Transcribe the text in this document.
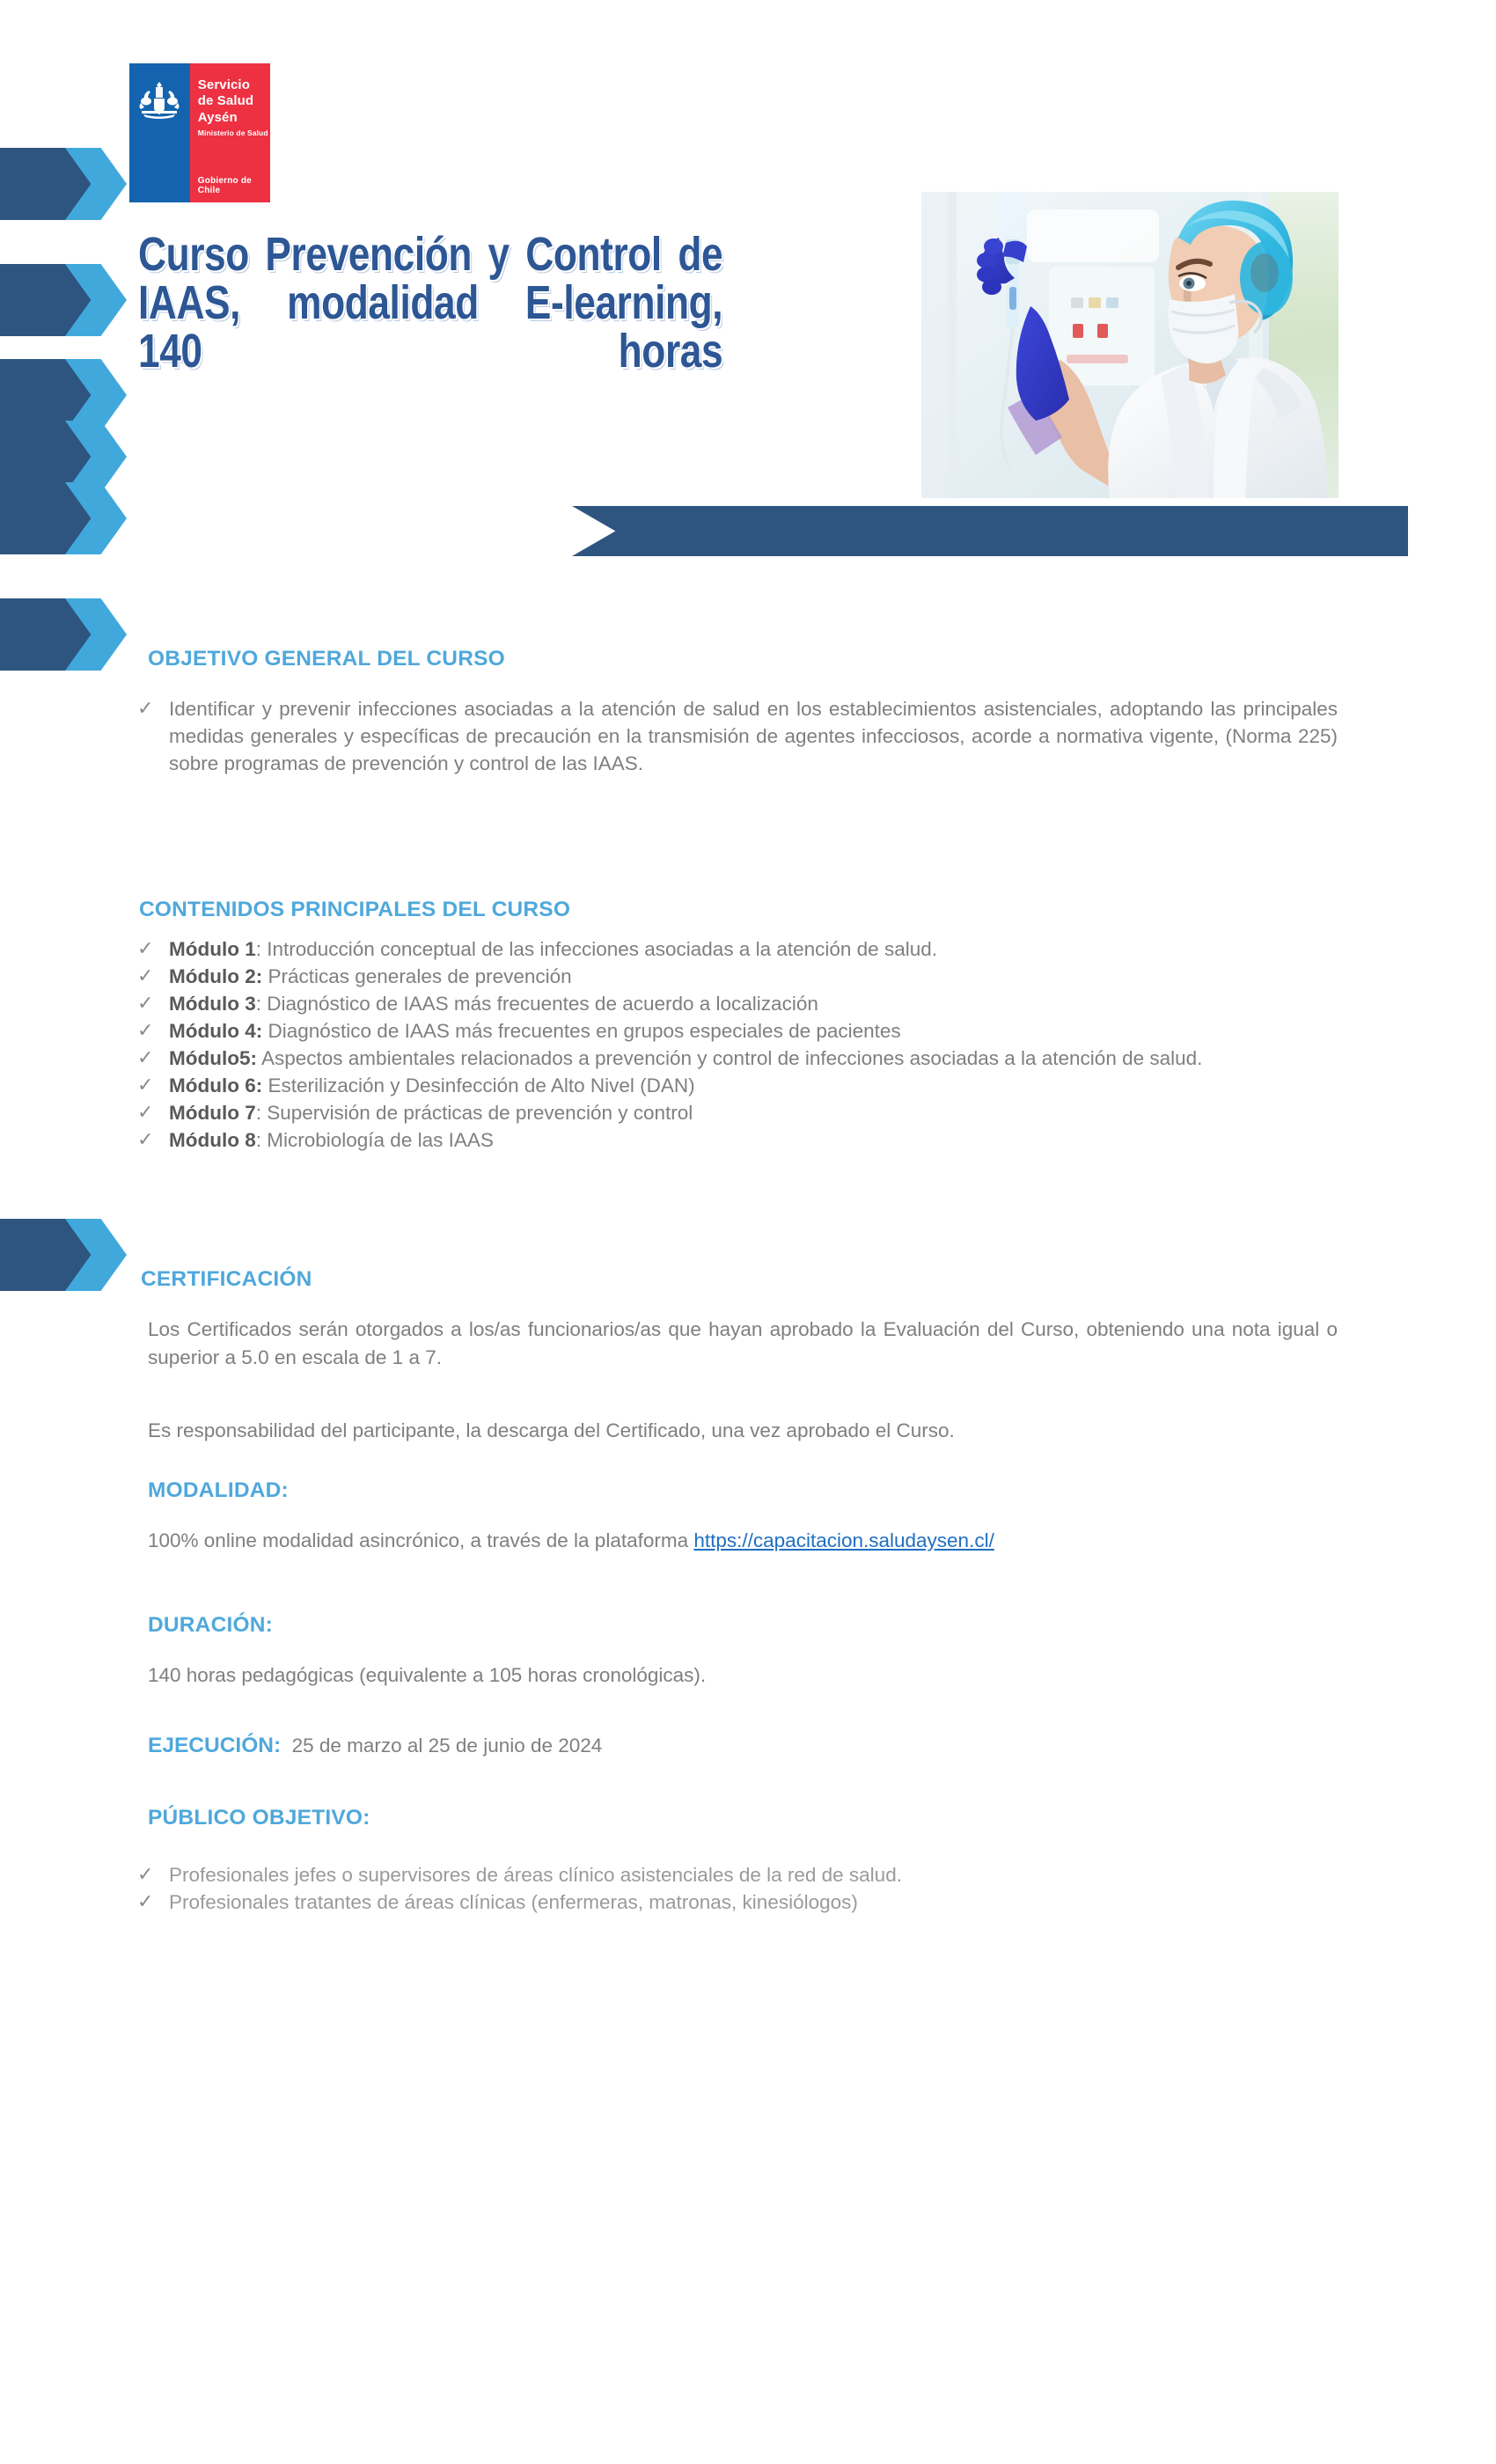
Servicio
de Salud
Aysén
Ministerio de Salud
Gobierno de Chile
Curso Prevención y Control de IAAS, modalidad E-learning, 140 horas
OBJETIVO GENERAL DEL CURSO
✓ Identificar y prevenir infecciones asociadas a la atención de salud en los establecimientos asistenciales, adoptando las principales medidas generales y específicas de precaución en la transmisión de agentes infecciosos, acorde a normativa vigente, (Norma 225) sobre programas de prevención y control de las IAAS.
CONTENIDOS PRINCIPALES DEL CURSO
✓ Módulo 1: Introducción conceptual de las infecciones asociadas a la atención de salud.
✓ Módulo 2: Prácticas generales de prevención
✓ Módulo 3: Diagnóstico de IAAS más frecuentes de acuerdo a localización
✓ Módulo 4: Diagnóstico de IAAS más frecuentes en grupos especiales de pacientes
✓ Módulo5: Aspectos ambientales relacionados a prevención y control de infecciones asociadas a la atención de salud.
✓ Módulo 6: Esterilización y Desinfección de Alto Nivel (DAN)
✓ Módulo 7: Supervisión de prácticas de prevención y control
✓ Módulo 8: Microbiología de las IAAS
CERTIFICACIÓN
Los Certificados serán otorgados a los/as funcionarios/as que hayan aprobado la Evaluación del Curso, obteniendo una nota igual o superior a 5.0 en escala de 1 a 7.
Es responsabilidad del participante, la descarga del Certificado, una vez aprobado el Curso.
MODALIDAD:
100% online modalidad asincrónico, a través de la plataforma https://capacitacion.saludaysen.cl/
DURACIÓN:
140 horas pedagógicas (equivalente a 105 horas cronológicas).
EJECUCIÓN: 25 de marzo al 25 de junio de 2024
PÚBLICO OBJETIVO:
✓ Profesionales jefes o supervisores de áreas clínico asistenciales de la red de salud.
✓ Profesionales tratantes de áreas clínicas (enfermeras, matronas, kinesiólogos)
